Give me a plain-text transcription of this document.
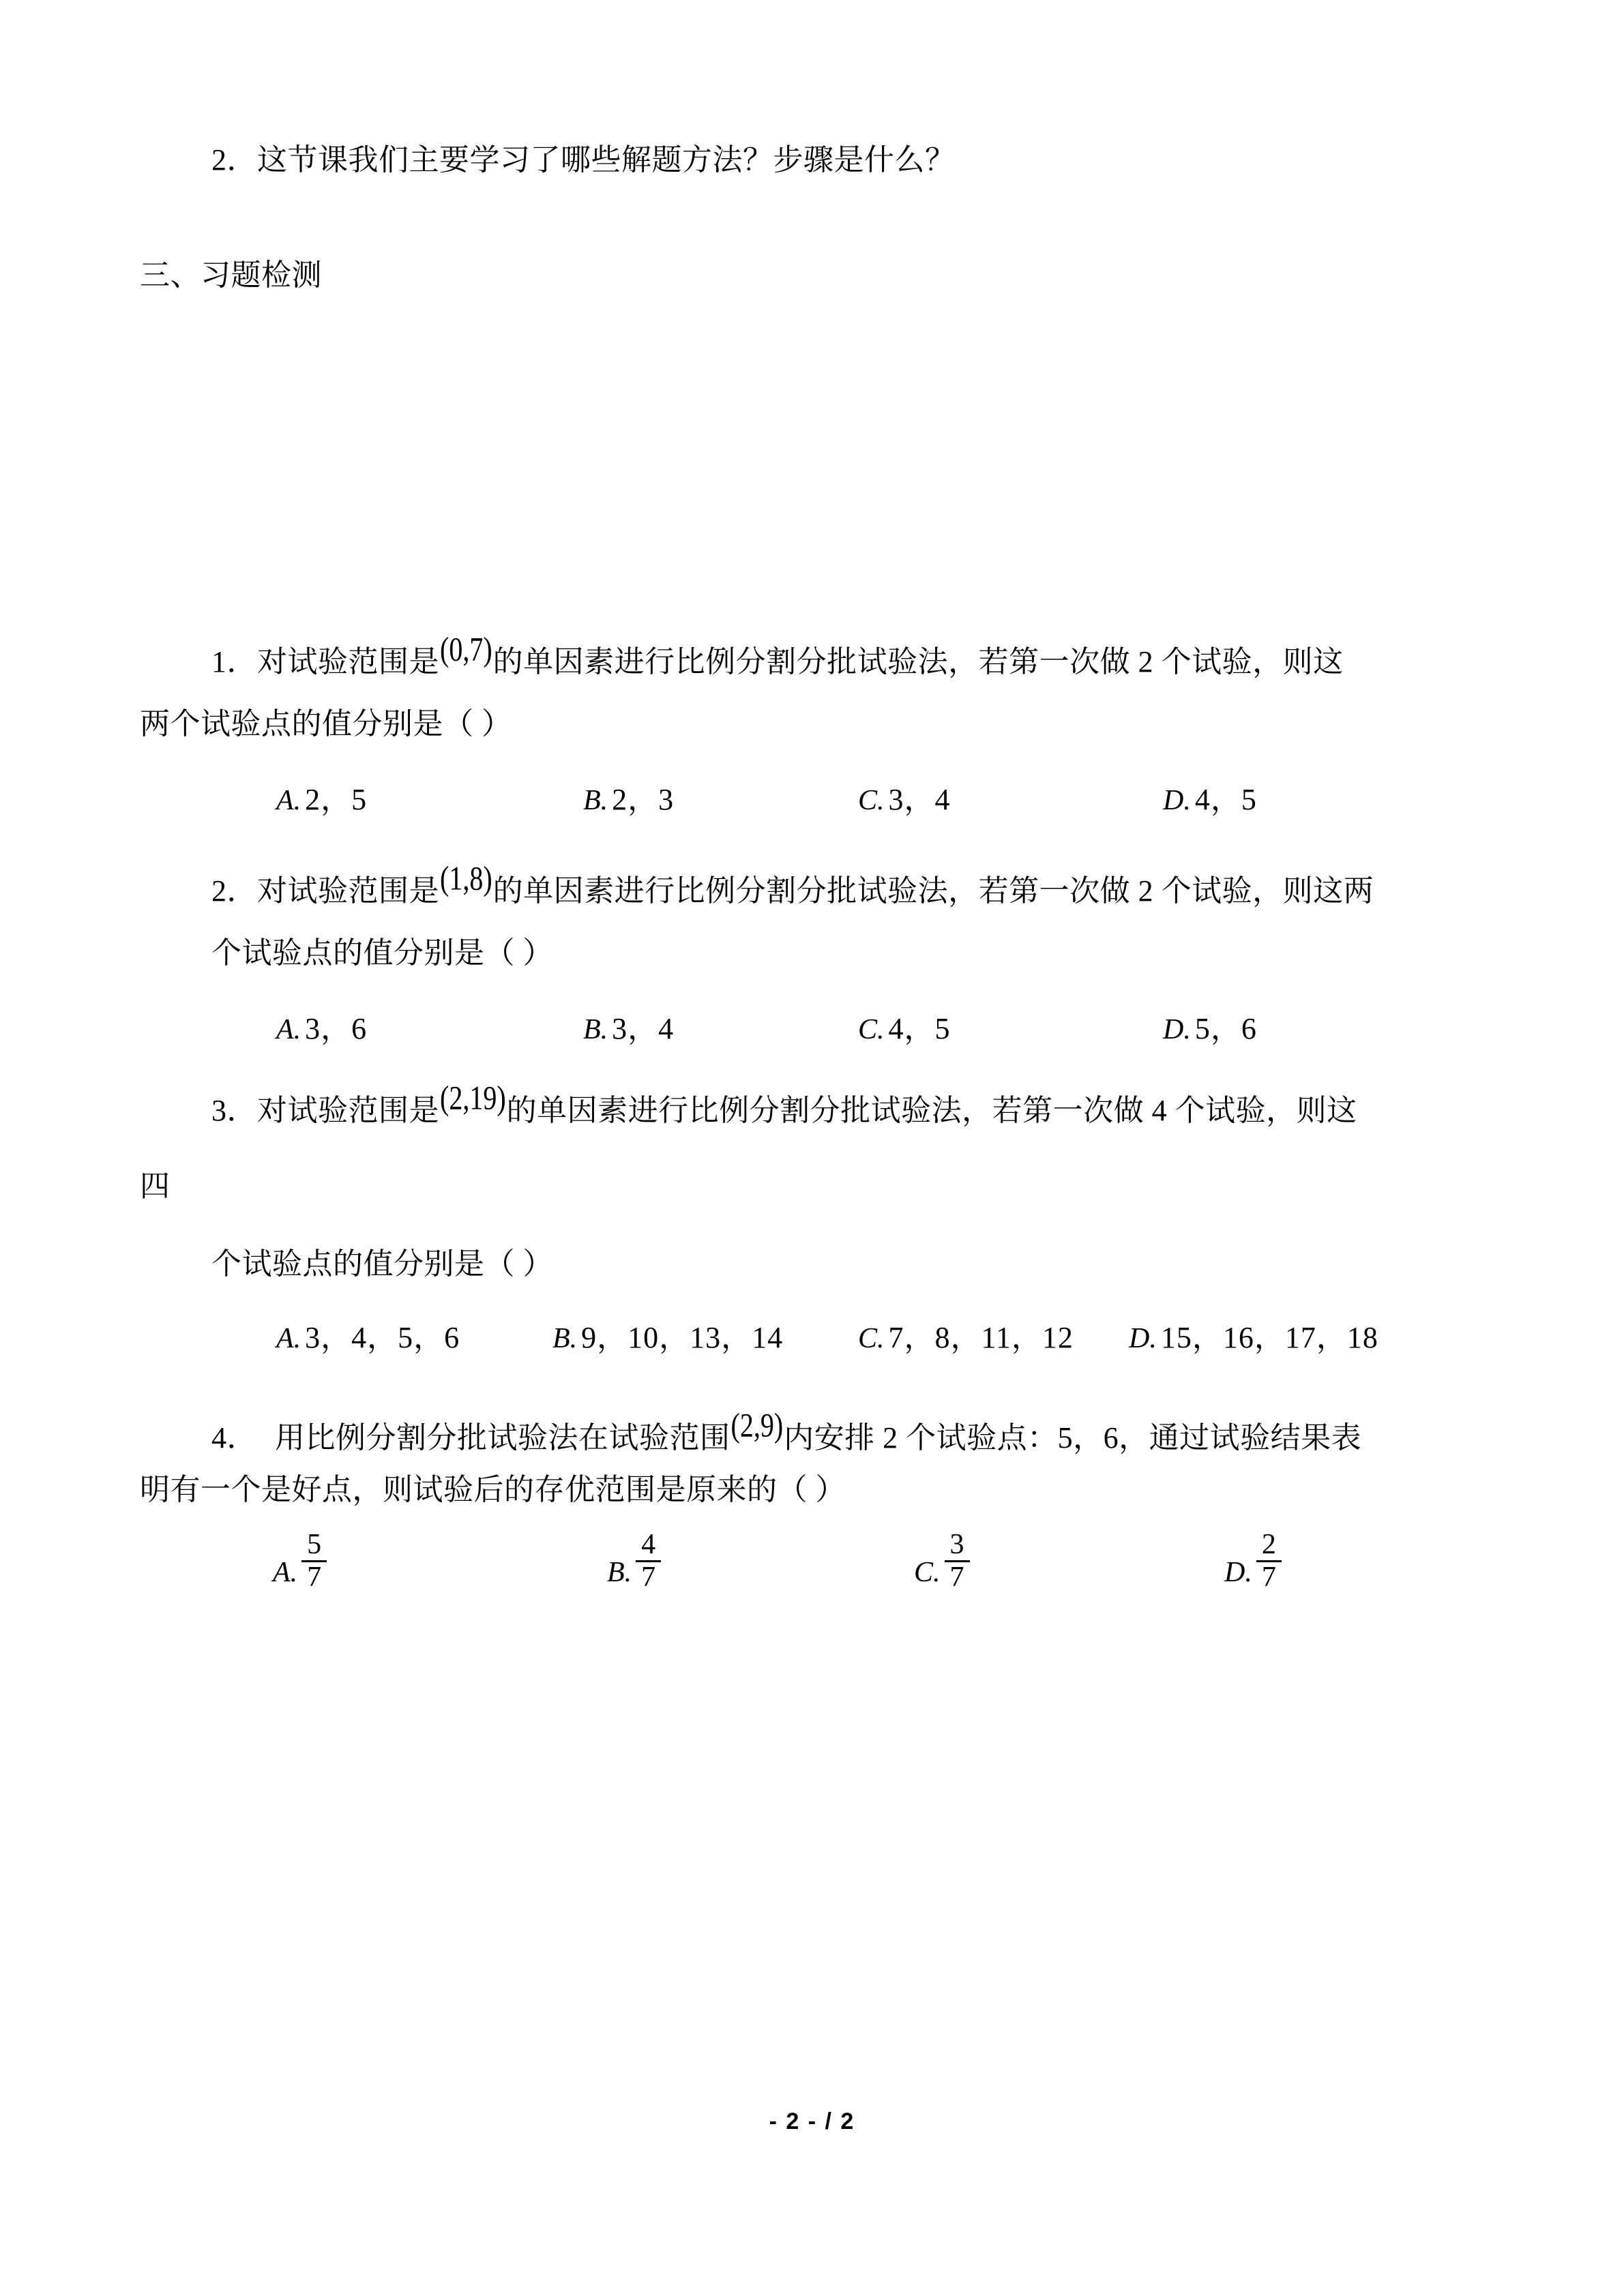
2．这节课我们主要学习了哪些解题方法？步骤是什么？
三、习题检测
1．对试验范围是(0,7)的单因素进行比例分割分批试验法，若第一次做 2 个试验，则这
两个试验点的值分别是（ ）
A. 2，5	B. 2，3	C. 3，4	D. 4，5
2．对试验范围是(1,8)的单因素进行比例分割分批试验法，若第一次做 2 个试验，则这两
个试验点的值分别是（ ）
A. 3，6	B. 3，4	C. 4，5	D. 5，6
3．对试验范围是(2,19)的单因素进行比例分割分批试验法，若第一次做 4 个试验，则这
四
个试验点的值分别是（ ）
A. 3，4，5，6	B. 9，10，13，14	C. 7，8，11，12 D. 15，16，17，18
4． 用比例分割分批试验法在试验范围(2,9)内安排 2 个试验点：5，6，通过试验结果表
明有一个是好点，则试验后的存优范围是原来的（ ）
A. $\frac{5}{7}$	B. $\frac{4}{7}$	C. $\frac{3}{7}$	D. $\frac{2}{7}$
- 2 - / 2
